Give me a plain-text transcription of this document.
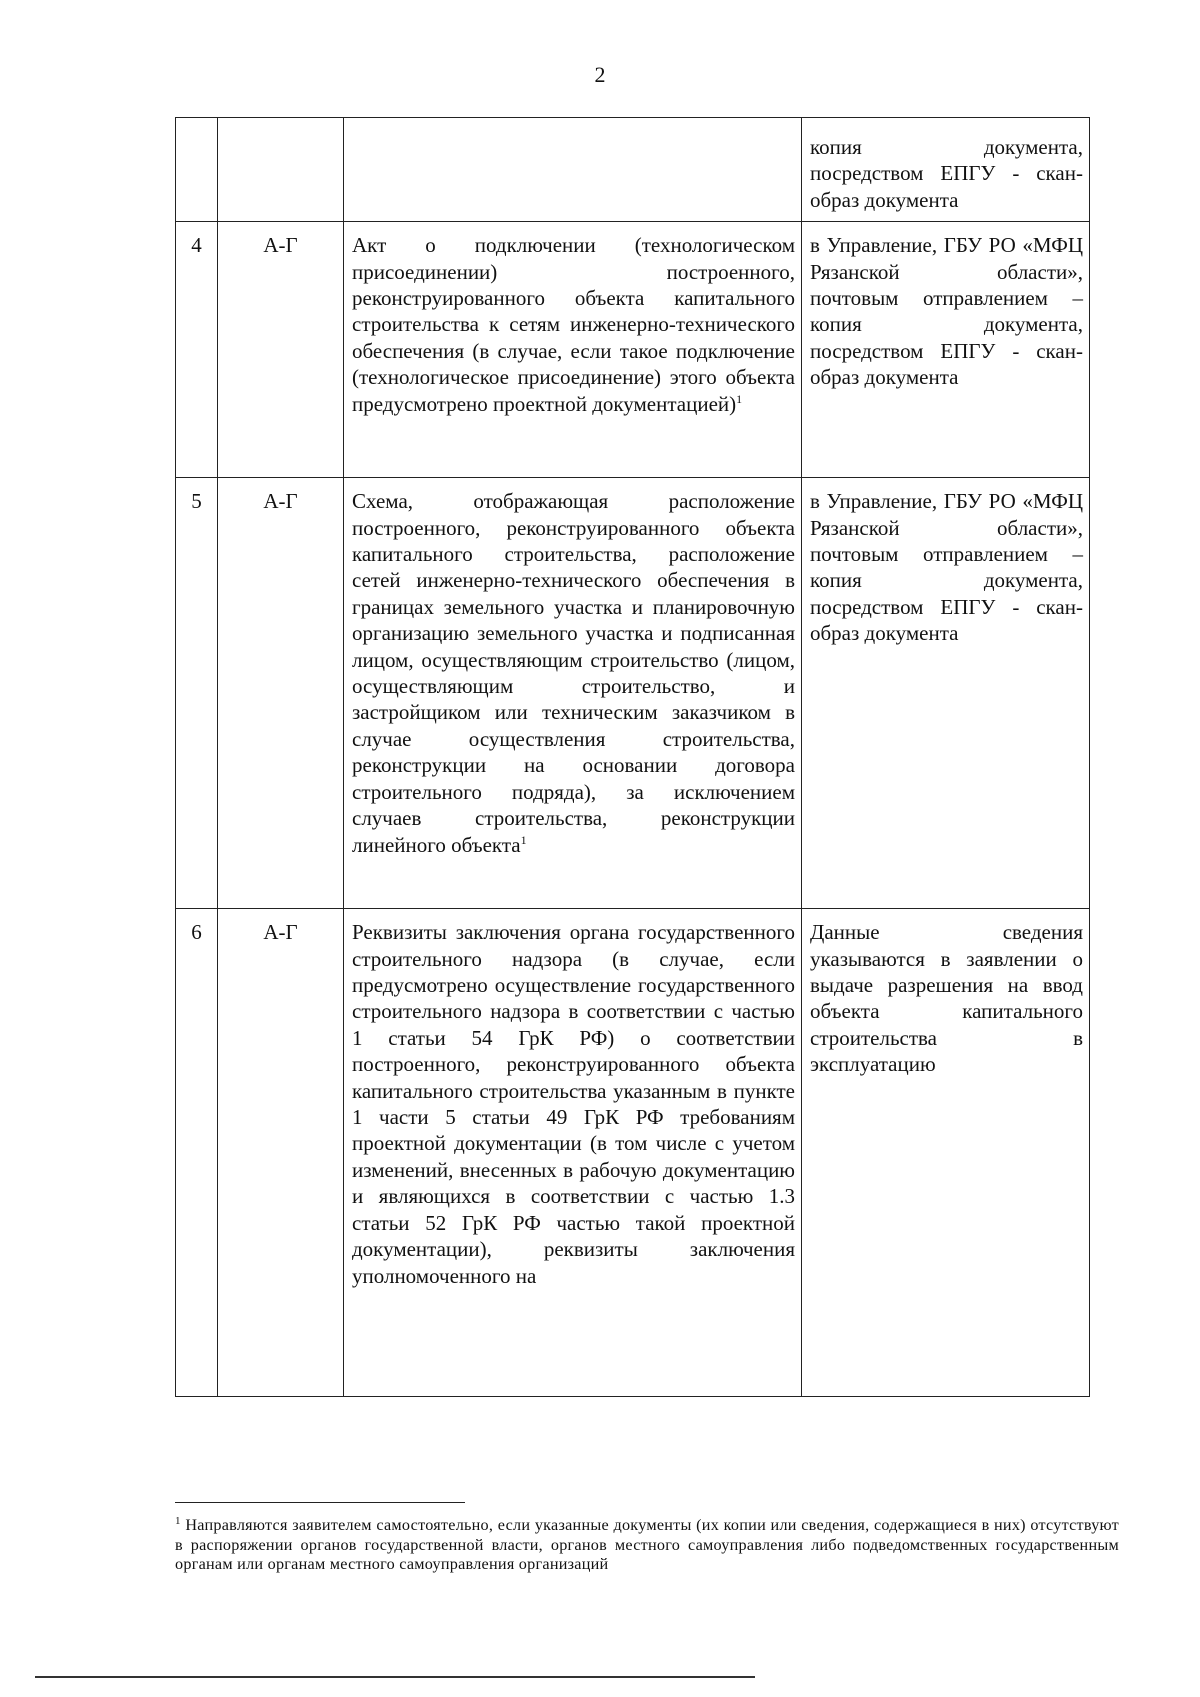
2
			копия документа, посредством ЕПГУ - скан-образ документа
4	А-Г	Акт о подключении (технологическом присоединении) построенного, реконструированного объекта капитального строительства к сетям инженерно-технического обеспечения (в случае, если такое подключение (технологическое присоединение) этого объекта предусмотрено проектной документацией)$^1$	в Управление, ГБУ РО «МФЦ Рязанской области», почтовым отправлением – копия документа, посредством ЕПГУ - скан-образ документа
5	А-Г	Схема, отображающая расположение построенного, реконструированного объекта капитального строительства, расположение сетей инженерно-технического обеспечения в границах земельного участка и планировочную организацию земельного участка и подписанная лицом, осуществляющим строительство (лицом, осуществляющим строительство, и застройщиком или техническим заказчиком в случае осуществления строительства, реконструкции на основании договора строительного подряда), за исключением случаев строительства, реконструкции линейного объекта$^1$	в Управление, ГБУ РО «МФЦ Рязанской области», почтовым отправлением – копия документа, посредством ЕПГУ - скан-образ документа
6	А-Г	Реквизиты заключения органа государственного строительного надзора (в случае, если предусмотрено осуществление государственного строительного надзора в соответствии с частью 1 статьи 54 ГрК РФ) о соответствии построенного, реконструированного объекта капитального строительства указанным в пункте 1 части 5 статьи 49 ГрК РФ требованиям проектной документации (в том числе с учетом изменений, внесенных в рабочую документацию и являющихся в соответствии с частью 1.3 статьи 52 ГрК РФ частью такой проектной документации), реквизиты заключения уполномоченного на	Данные сведения указываются в заявлении о выдаче разрешения на ввод объекта капитального строительства в эксплуатацию
$^1$ Направляются заявителем самостоятельно, если указанные документы (их копии или сведения, содержащиеся в них) отсутствуют в распоряжении органов государственной власти, органов местного самоуправления либо подведомственных государственным органам или органам местного самоуправления организаций
